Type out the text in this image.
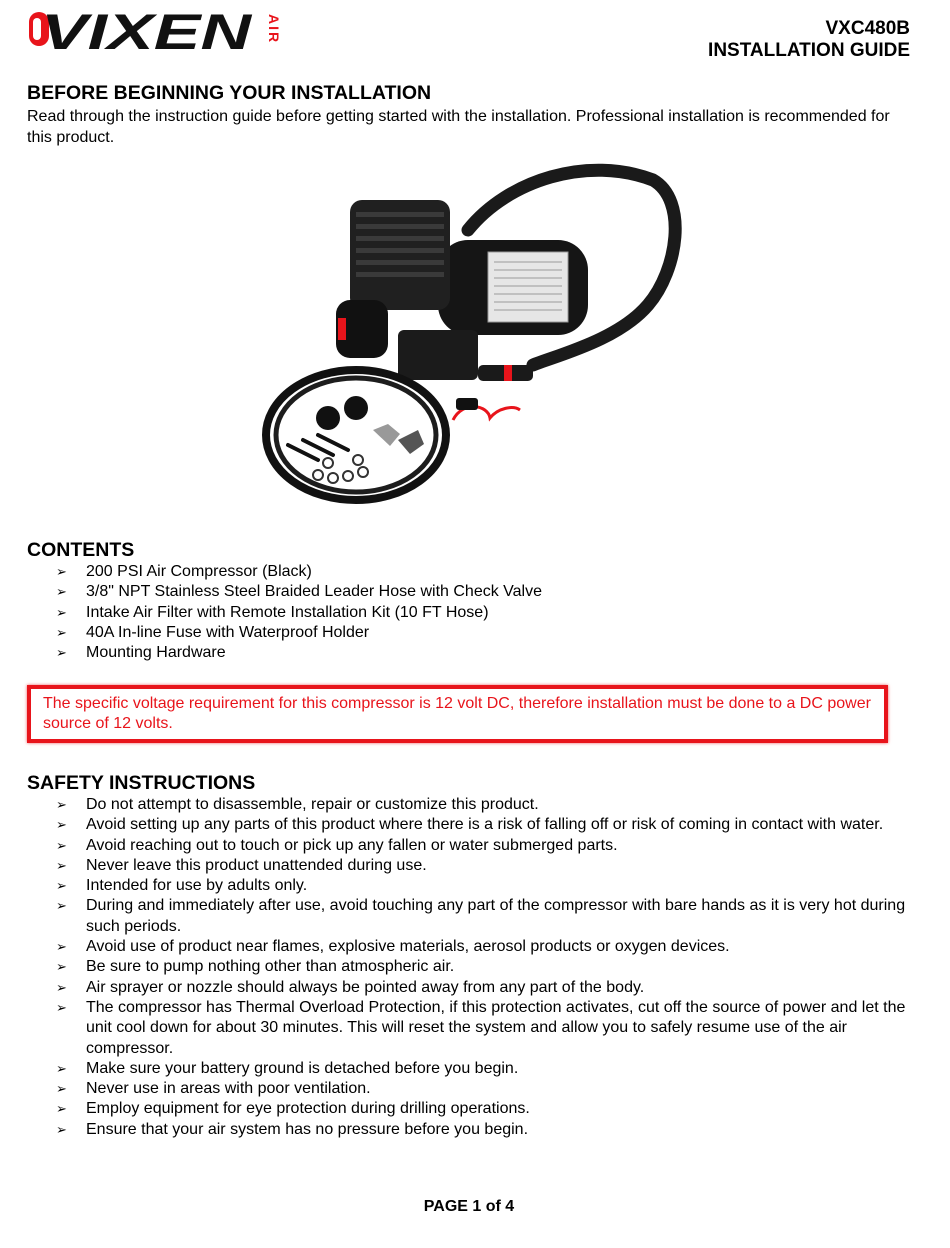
VIXEN AIR	VXC480B
INSTALLATION GUIDE
BEFORE BEGINNING YOUR INSTALLATION

Read through the instruction guide before getting started with the installation. Professional installation is recommended for this product.

CONTENTS
➢ 200 PSI Air Compressor (Black)
➢ 3/8" NPT Stainless Steel Braided Leader Hose with Check Valve
➢ Intake Air Filter with Remote Installation Kit (10 FT Hose)
➢ 40A In-line Fuse with Waterproof Holder
➢ Mounting Hardware
The specific voltage requirement for this compressor is 12 volt DC, therefore installation must be done to a DC power source of 12 volts.
SAFETY INSTRUCTIONS
➢ Do not attempt to disassemble, repair or customize this product.
➢ Avoid setting up any parts of this product where there is a risk of falling off or risk of coming in contact with water.
➢ Avoid reaching out to touch or pick up any fallen or water submerged parts.
➢ Never leave this product unattended during use.
➢ Intended for use by adults only.
➢ During and immediately after use, avoid touching any part of the compressor with bare hands as it is very hot during such periods.
➢ Avoid use of product near flames, explosive materials, aerosol products or oxygen devices.
➢ Be sure to pump nothing other than atmospheric air.
➢ Air sprayer or nozzle should always be pointed away from any part of the body.
➢ The compressor has Thermal Overload Protection, if this protection activates, cut off the source of power and let the unit cool down for about 30 minutes. This will reset the system and allow you to safely resume use of the air compressor.
➢ Make sure your battery ground is detached before you begin.
➢ Never use in areas with poor ventilation.
➢ Employ equipment for eye protection during drilling operations.
➢ Ensure that your air system has no pressure before you begin.
PAGE 1 of 4
